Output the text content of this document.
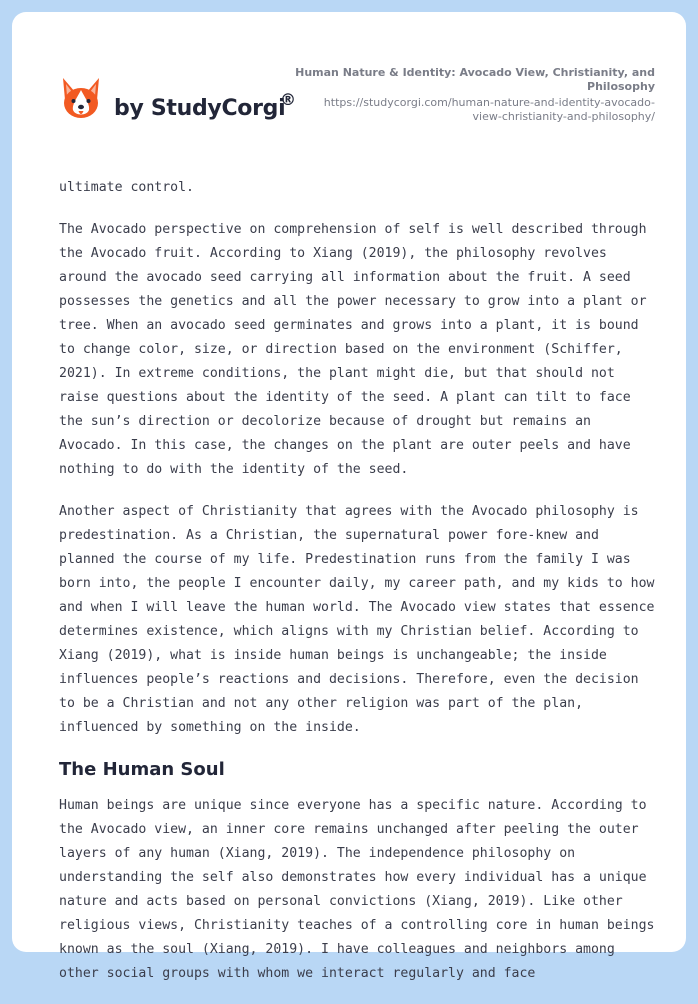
by StudyCorgi
®
Human Nature & Identity: Avocado View, Christianity, and Philosophy
https://studycorgi.com/human-nature-and-identity-avocado-view-christianity-and-philosophy/

ultimate control.

The Avocado perspective on comprehension of self is well described through the Avocado fruit. According to Xiang (2019), the philosophy revolves around the avocado seed carrying all information about the fruit. A seed possesses the genetics and all the power necessary to grow into a plant or tree. When an avocado seed germinates and grows into a plant, it is bound to change color, size, or direction based on the environment (Schiffer, 2021). In extreme conditions, the plant might die, but that should not raise questions about the identity of the seed. A plant can tilt to face the sun’s direction or decolorize because of drought but remains an Avocado. In this case, the changes on the plant are outer peels and have nothing to do with the identity of the seed.

Another aspect of Christianity that agrees with the Avocado philosophy is predestination. As a Christian, the supernatural power fore-knew and planned the course of my life. Predestination runs from the family I was born into, the people I encounter daily, my career path, and my kids to how and when I will leave the human world. The Avocado view states that essence determines existence, which aligns with my Christian belief. According to Xiang (2019), what is inside human beings is unchangeable; the inside influences people’s reactions and decisions. Therefore, even the decision to be a Christian and not any other religion was part of the plan, influenced by something on the inside.

The Human Soul

Human beings are unique since everyone has a specific nature. According to the Avocado view, an inner core remains unchanged after peeling the outer layers of any human (Xiang, 2019). The independence philosophy on understanding the self also demonstrates how every individual has a unique nature and acts based on personal convictions (Xiang, 2019). Like other religious views, Christianity teaches of a controlling core in human beings known as the soul (Xiang, 2019). I have colleagues and neighbors among other social groups with whom we interact regularly and face
